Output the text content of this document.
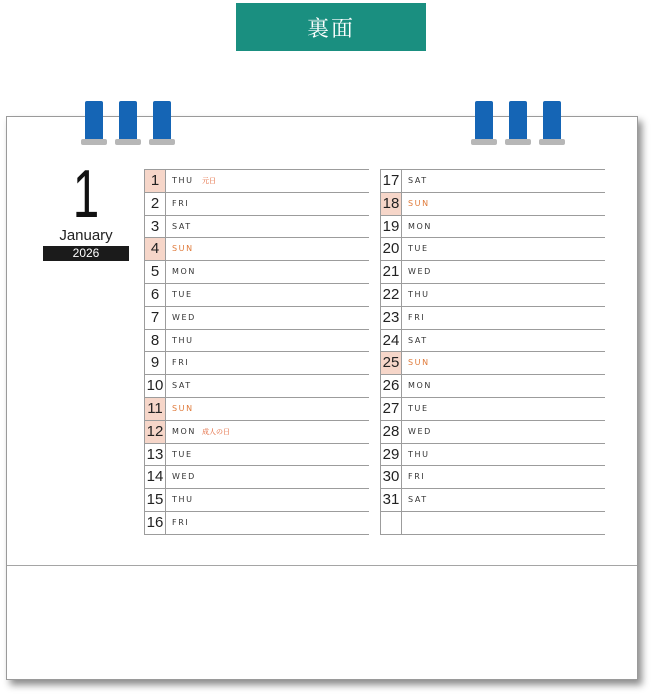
裏面
1
January
2026
1	THU 元日
2	FRI
3	SAT
4	SUN
5	MON
6	TUE
7	WED
8	THU
9	FRI
10	SAT
11	SUN
12	MON 成人の日
13	TUE
14	WED
15	THU
16	FRI
17	SAT
18	SUN
19	MON
20	TUE
21	WED
22	THU
23	FRI
24	SAT
25	SUN
26	MON
27	TUE
28	WED
29	THU
30	FRI
31	SAT
